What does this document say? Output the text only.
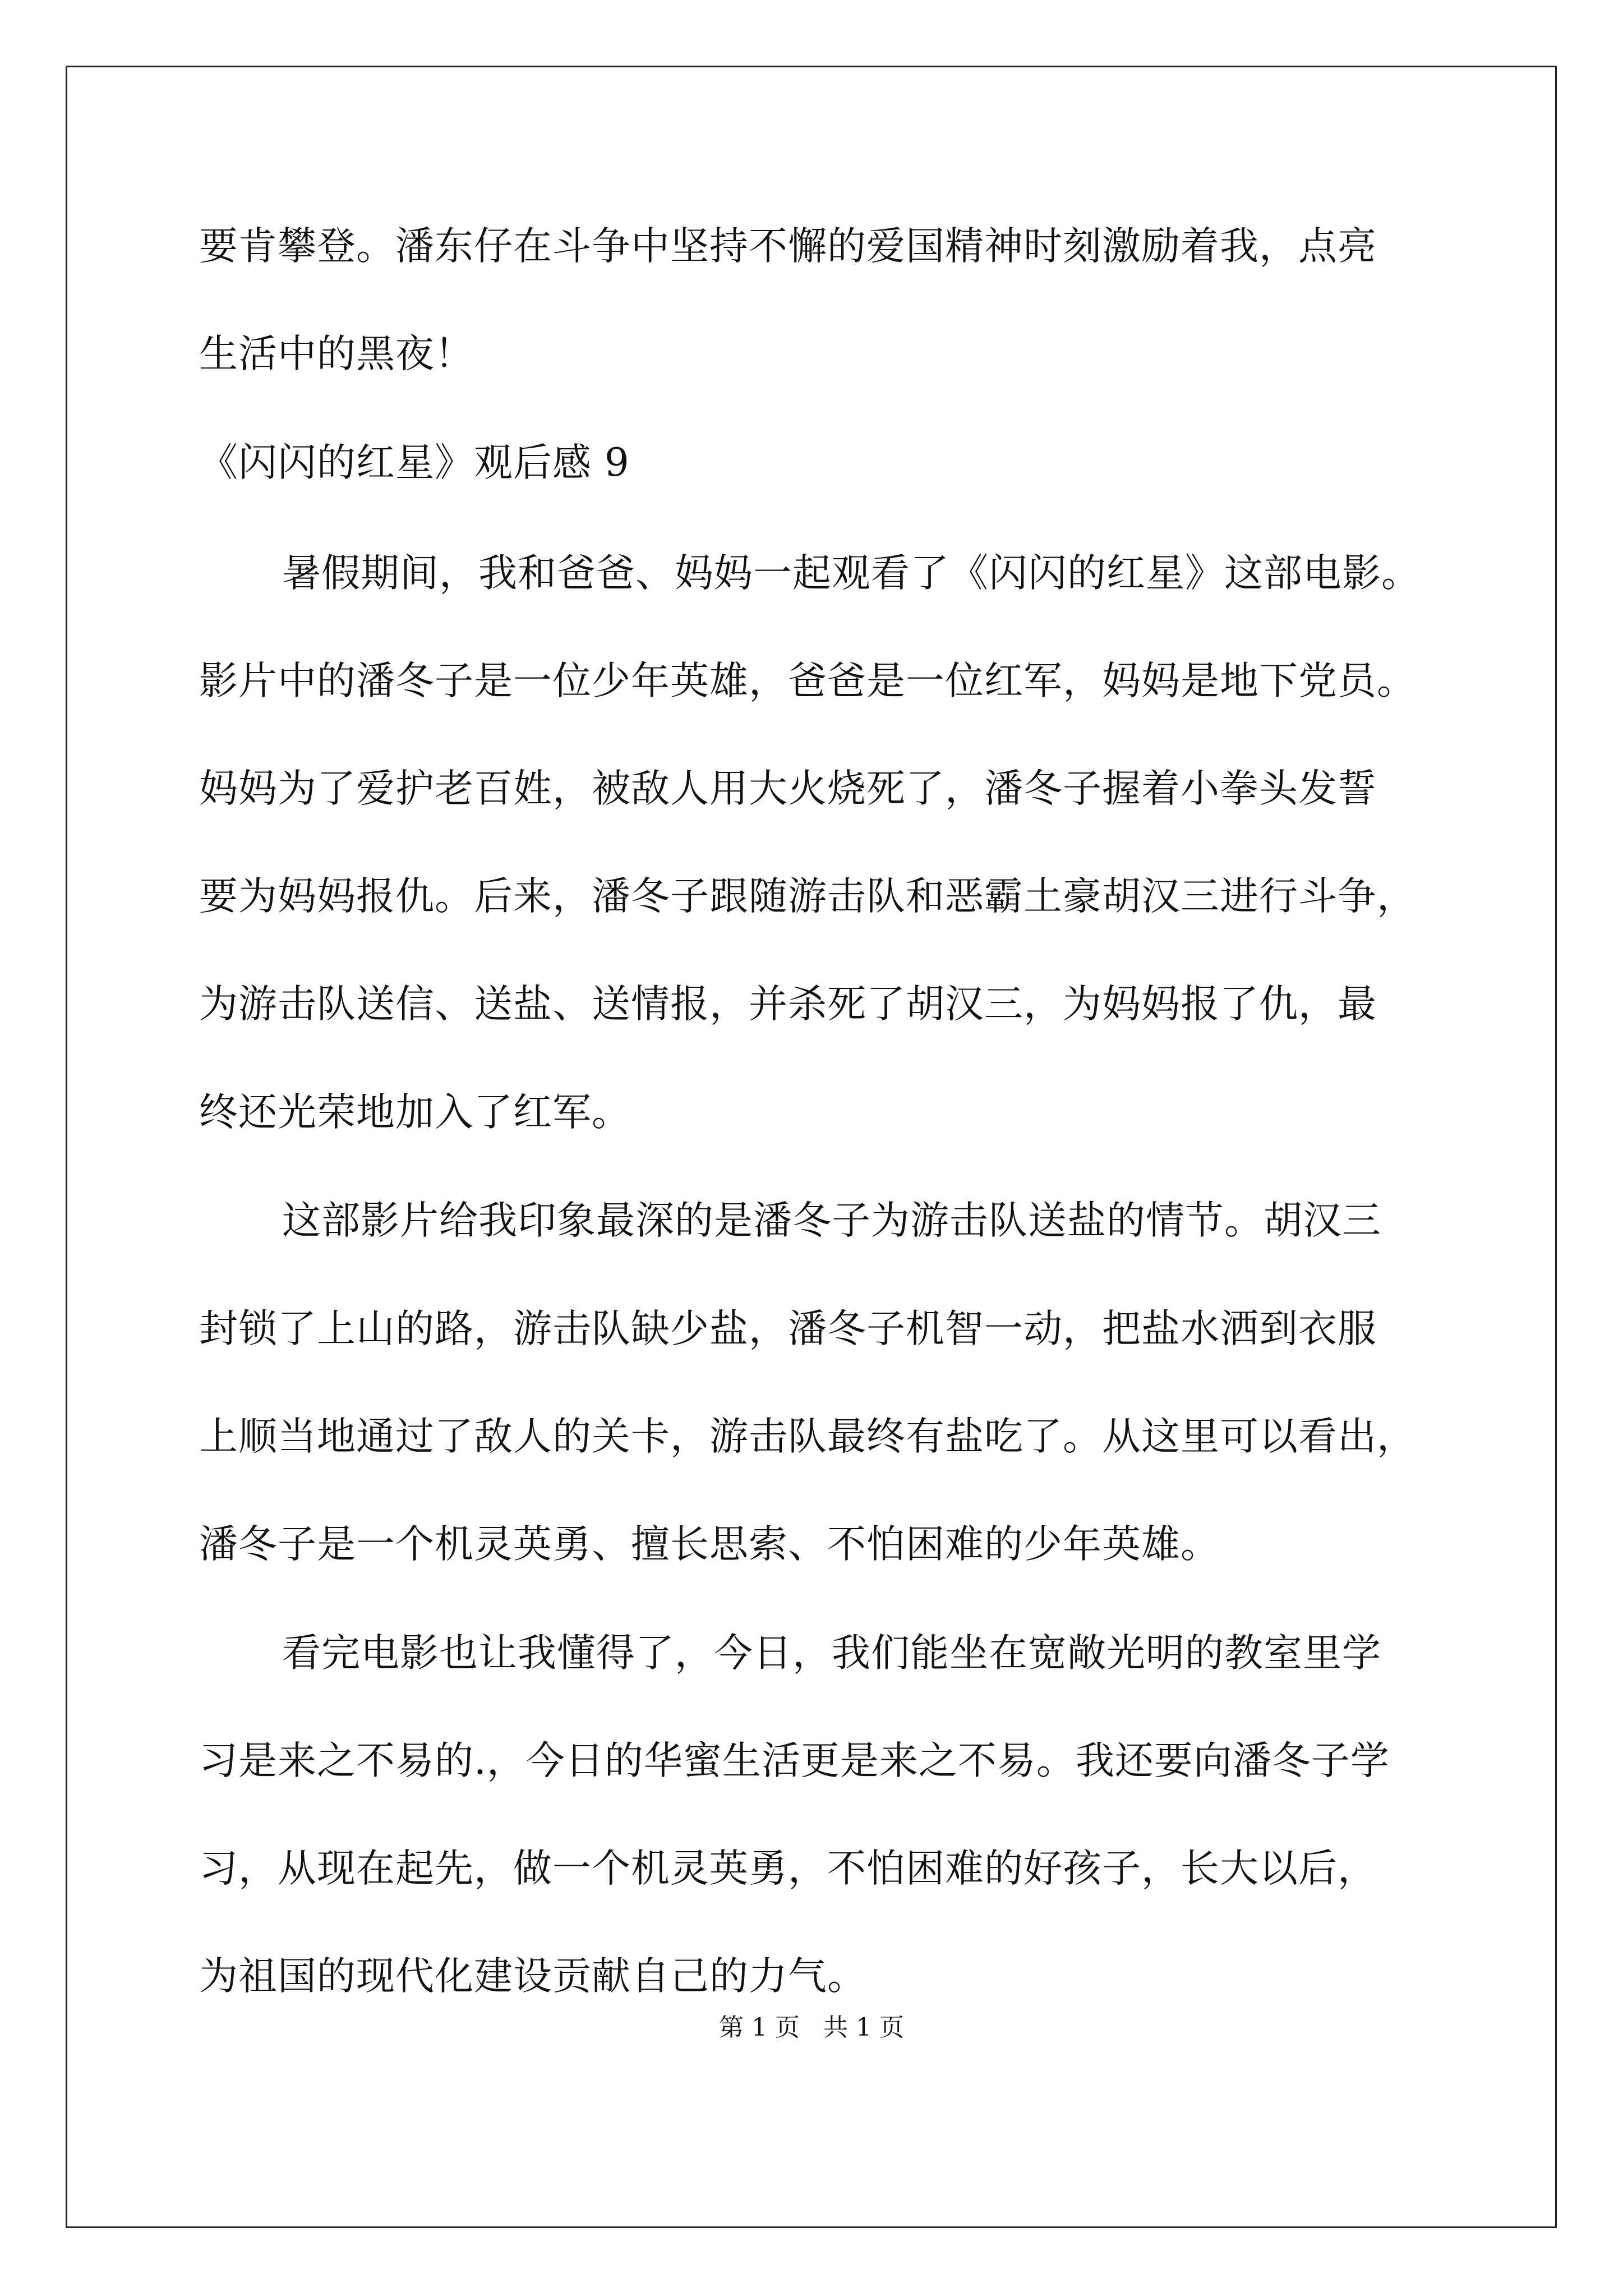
要肯攀登。潘东仔在斗争中坚持不懈的爱国精神时刻激励着我，点亮
生活中的黑夜！
《闪闪的红星》观后感 9
暑假期间，我和爸爸、妈妈一起观看了《闪闪的红星》这部电影。
影片中的潘冬子是一位少年英雄，爸爸是一位红军，妈妈是地下党员。
妈妈为了爱护老百姓，被敌人用大火烧死了，潘冬子握着小拳头发誓
要为妈妈报仇。后来，潘冬子跟随游击队和恶霸土豪胡汉三进行斗争，
为游击队送信、送盐、送情报，并杀死了胡汉三，为妈妈报了仇，最
终还光荣地加入了红军。
这部影片给我印象最深的是潘冬子为游击队送盐的情节。胡汉三
封锁了上山的路，游击队缺少盐，潘冬子机智一动，把盐水洒到衣服
上顺当地通过了敌人的关卡，游击队最终有盐吃了。从这里可以看出，
潘冬子是一个机灵英勇、擅长思索、不怕困难的少年英雄。
看完电影也让我懂得了，今日，我们能坐在宽敞光明的教室里学
习是来之不易的.，今日的华蜜生活更是来之不易。我还要向潘冬子学
习，从现在起先，做一个机灵英勇，不怕困难的好孩子，长大以后，
为祖国的现代化建设贡献自己的力气。
第 1 页   共 1 页
